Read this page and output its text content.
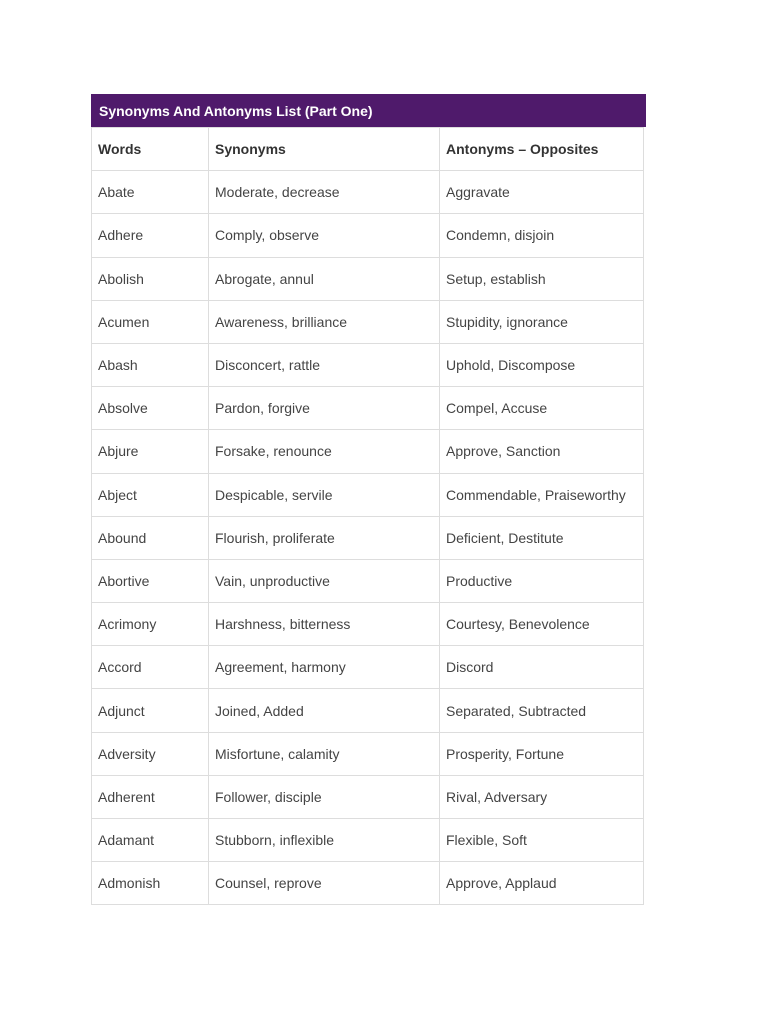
Synonyms And Antonyms List (Part One)
Words	Synonyms	Antonyms – Opposites
Abate	Moderate, decrease	Aggravate
Adhere	Comply, observe	Condemn, disjoin
Abolish	Abrogate, annul	Setup, establish
Acumen	Awareness, brilliance	Stupidity, ignorance
Abash	Disconcert, rattle	Uphold, Discompose
Absolve	Pardon, forgive	Compel, Accuse
Abjure	Forsake, renounce	Approve, Sanction
Abject	Despicable, servile	Commendable, Praiseworthy
Abound	Flourish, proliferate	Deficient, Destitute
Abortive	Vain, unproductive	Productive
Acrimony	Harshness, bitterness	Courtesy, Benevolence
Accord	Agreement, harmony	Discord
Adjunct	Joined, Added	Separated, Subtracted
Adversity	Misfortune, calamity	Prosperity, Fortune
Adherent	Follower, disciple	Rival, Adversary
Adamant	Stubborn, inflexible	Flexible, Soft
Admonish	Counsel, reprove	Approve, Applaud
